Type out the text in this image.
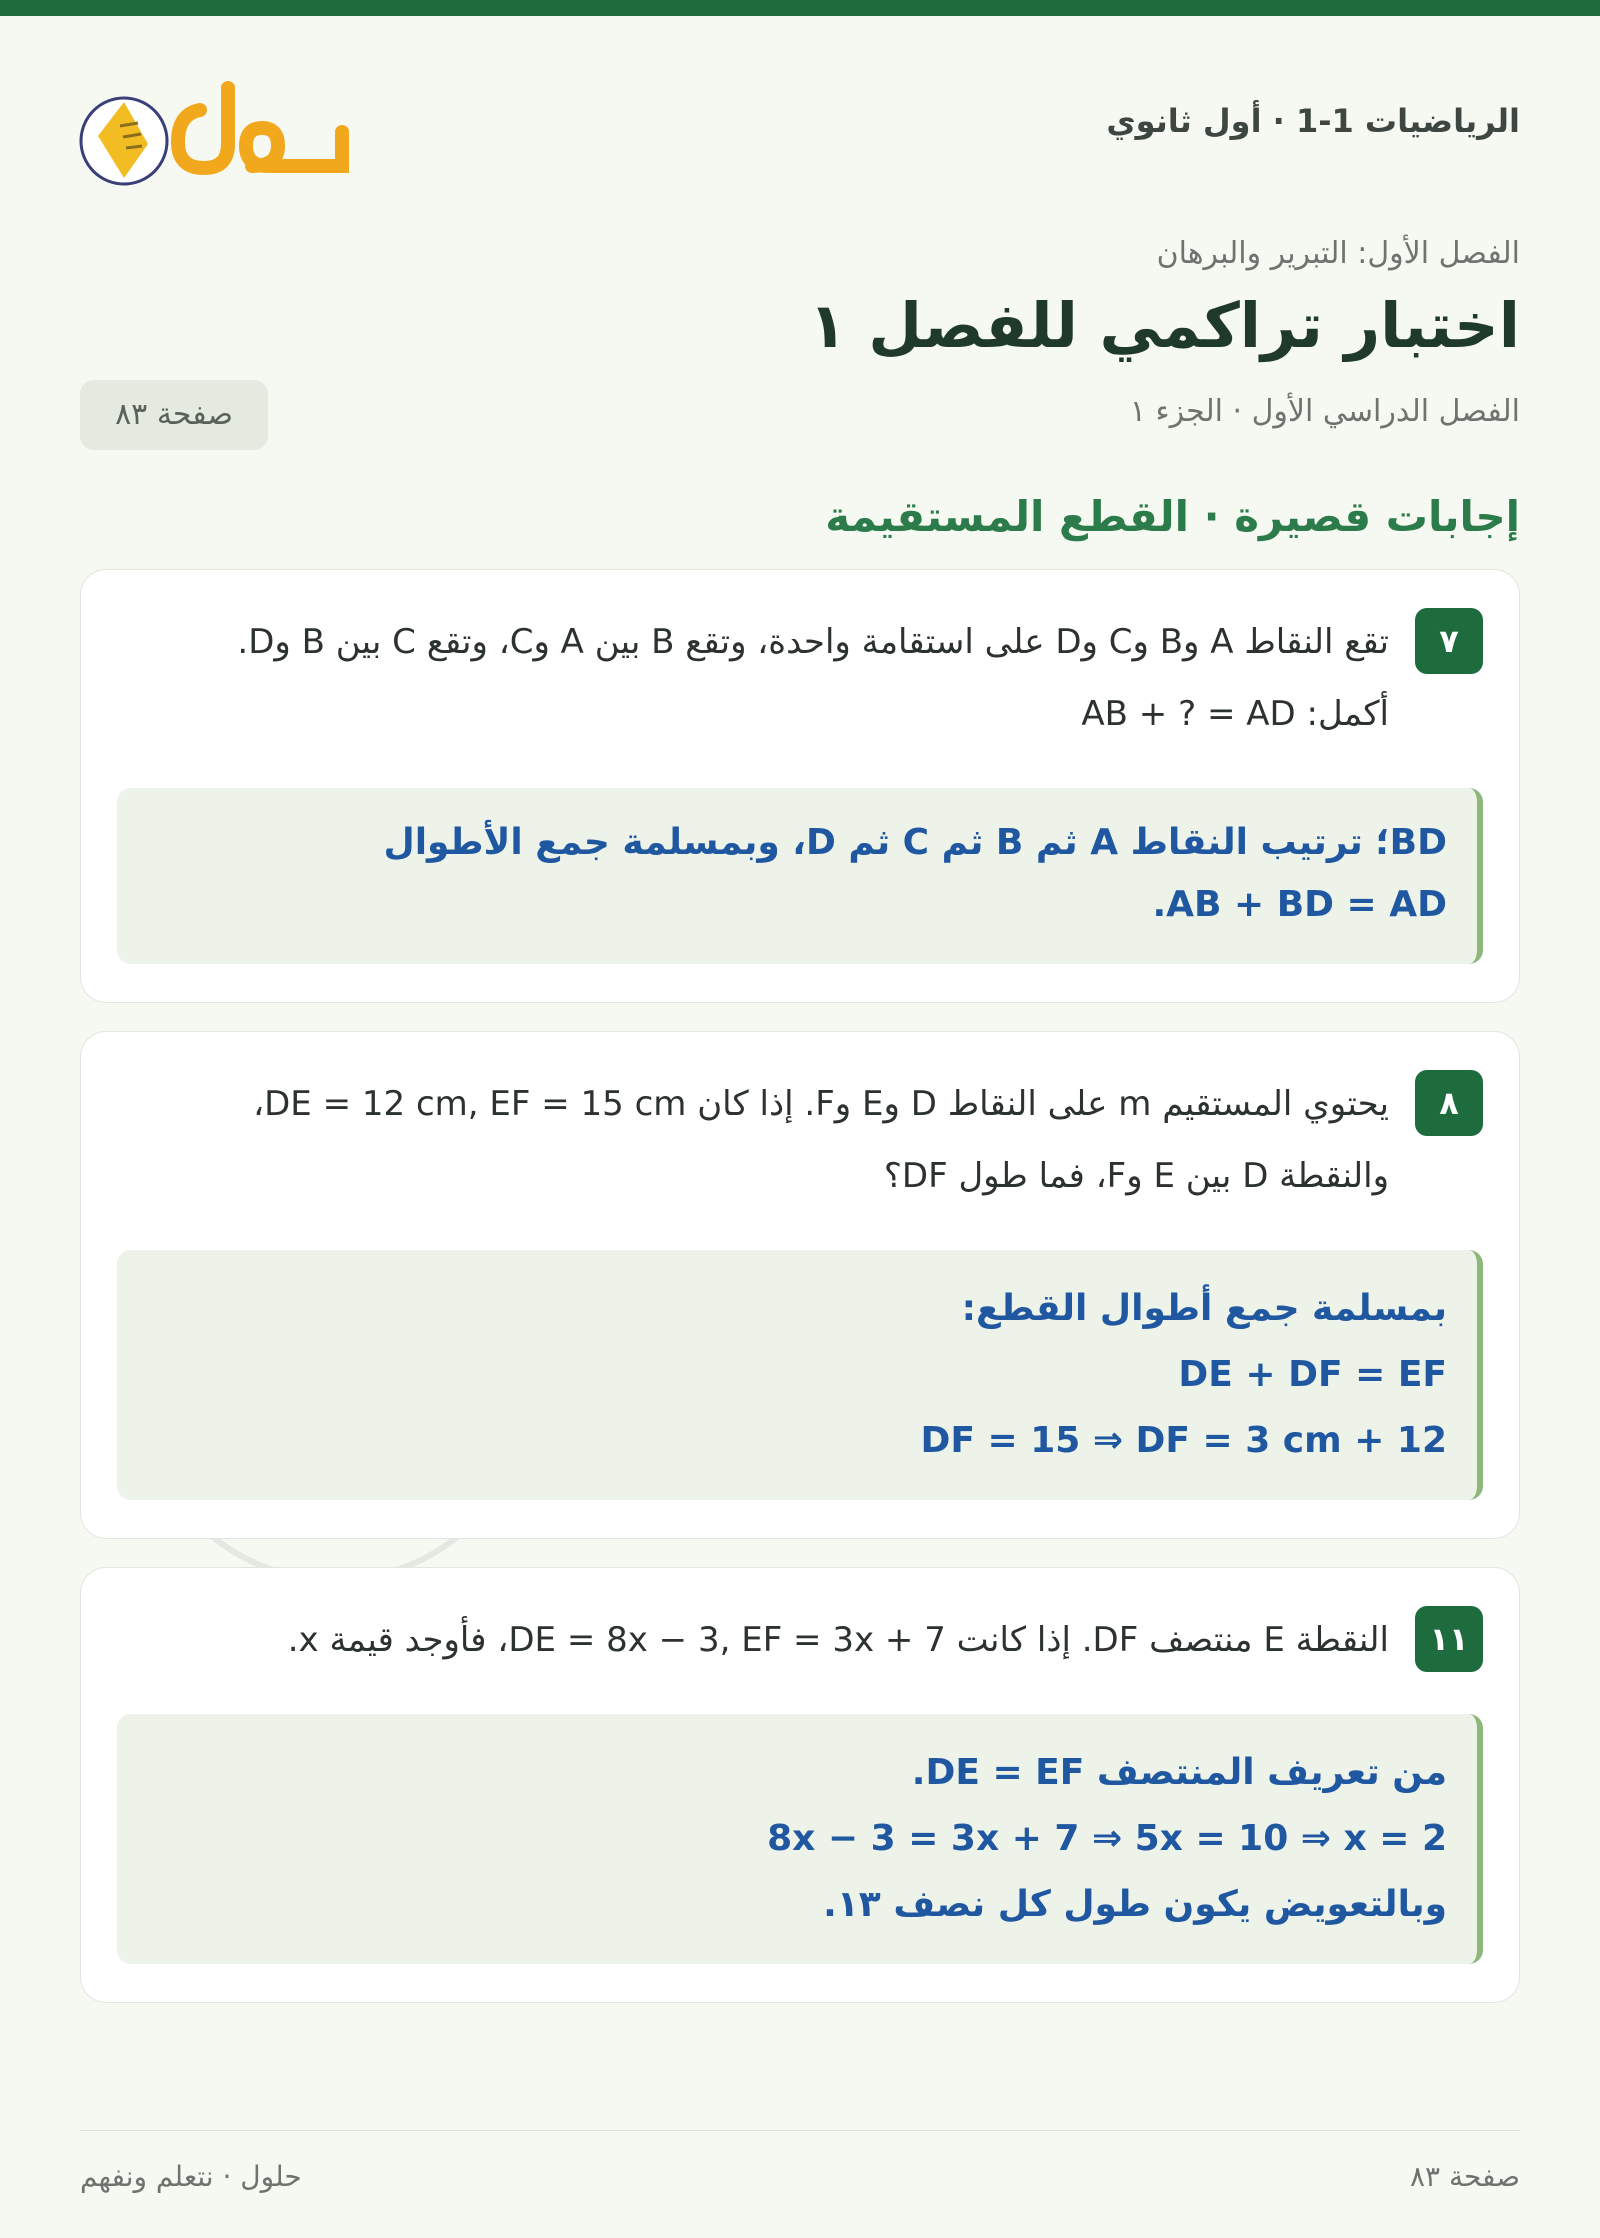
الرياضيات 1-1 · أول ثانوي
حلول
الفصل الأول: التبرير والبرهان
اختبار تراكمي للفصل ١
الفصل الدراسي الأول · الجزء ١
صفحة ٨٣
إجابات قصيرة · القطع المستقيمة
٧
تقع النقاط A وB وC وD على استقامة واحدة، وتقع B بين A وC، وتقع C بين B وD.
أكمل: AB + ? = AD
BD؛ ترتيب النقاط A ثم B ثم C ثم D، وبمسلمة جمع الأطوال
AB + BD = AD.
٨
يحتوي المستقيم m على النقاط D وE وF. إذا كان DE = 12 cm, EF = 15 cm،
والنقطة D بين E وF، فما طول DF؟
بمسلمة جمع أطوال القطع:
DE + DF = EF
12 + DF = 15 ⇒ DF = 3 cm
١١
النقطة E منتصف DF. إذا كانت DE = 8x − 3, EF = 3x + 7، فأوجد قيمة x.
من تعريف المنتصف DE = EF.
8x − 3 = 3x + 7 ⇒ 5x = 10 ⇒ x = 2
وبالتعويض يكون طول كل نصف ١٣.
صفحة ٨٣
حلول · نتعلم ونفهم
